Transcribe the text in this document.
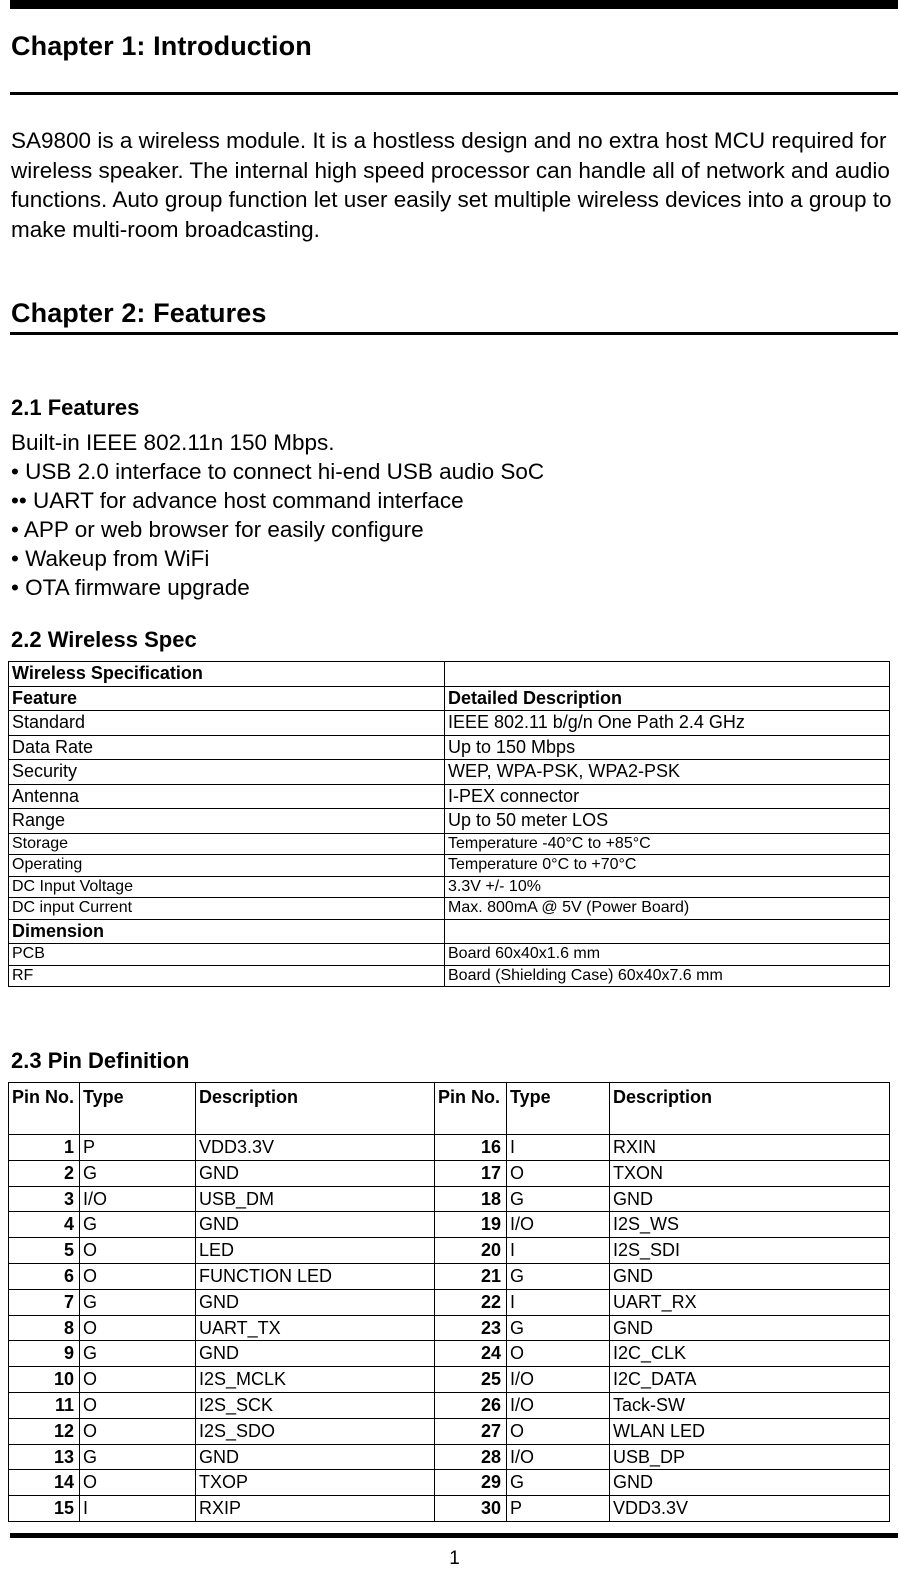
Chapter 1: Introduction

SA9800 is a wireless module. It is a hostless design and no extra host MCU required for wireless speaker. The internal high speed processor can handle all of network and audio functions. Auto group function let user easily set multiple wireless devices into a group to make multi-room broadcasting.

Chapter 2: Features
2.1 Features
Built-in IEEE 802.11n 150 Mbps.
• USB 2.0 interface to connect hi-end USB audio SoC
•• UART for advance host command interface
• APP or web browser for easily configure
• Wakeup from WiFi
• OTA firmware upgrade
2.2 Wireless Spec
Wireless Specification	
Feature	Detailed Description
Standard	IEEE 802.11 b/g/n One Path 2.4 GHz
Data Rate	Up to 150 Mbps
Security	WEP, WPA-PSK, WPA2-PSK
Antenna	I-PEX connector
Range	Up to 50 meter LOS
Storage	Temperature -40°C to +85°C
Operating	Temperature 0°C to +70°C
DC Input Voltage	3.3V +/- 10%
DC input Current	Max. 800mA @ 5V (Power Board)
Dimension	
PCB	Board 60x40x1.6 mm
RF	Board (Shielding Case) 60x40x7.6 mm
2.3 Pin Definition
Pin No.	Type	Description	Pin No.	Type	Description
1	P	VDD3.3V	16	I	RXIN
2	G	GND	17	O	TXON
3	I/O	USB_DM	18	G	GND
4	G	GND	19	I/O	I2S_WS
5	O	LED	20	I	I2S_SDI
6	O	FUNCTION LED	21	G	GND
7	G	GND	22	I	UART_RX
8	O	UART_TX	23	G	GND
9	G	GND	24	O	I2C_CLK
10	O	I2S_MCLK	25	I/O	I2C_DATA
11	O	I2S_SCK	26	I/O	Tack-SW
12	O	I2S_SDO	27	O	WLAN LED
13	G	GND	28	I/O	USB_DP
14	O	TXOP	29	G	GND
15	I	RXIP	30	P	VDD3.3V
1
